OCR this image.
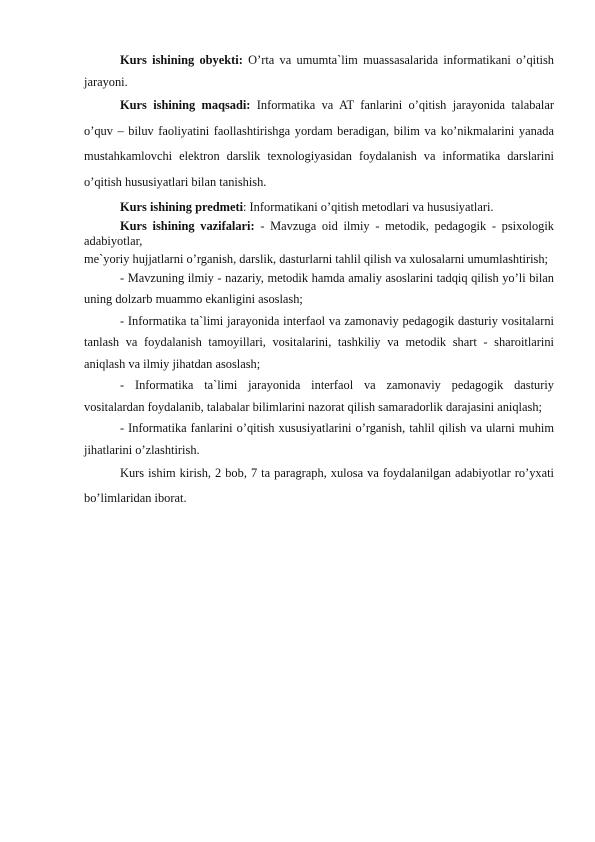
Kurs ishining obyekti: O’rta va umumta`lim muassasalarida informatikani o’qitish jarayoni.

Kurs ishining maqsadi: Informatika va AT fanlarini o’qitish jarayonida talabalar o’quv – biluv faoliyatini faollashtirishga yordam beradigan, bilim va ko’nikmalarini yanada mustahkamlovchi elektron darslik texnologiyasidan foydalanish va informatika darslarini o’qitish hususiyatlari bilan tanishish.

Kurs ishining predmeti: Informatikani o’qitish metodlari va hususiyatlari.

Kurs ishining vazifalari: - Mavzuga oid ilmiy - metodik, pedagogik - psixologik adabiyotlar,

me`yoriy hujjatlarni o’rganish, darslik, dasturlarni tahlil qilish va xulosalarni umumlashtirish;

- Mavzuning ilmiy - nazariy, metodik hamda amaliy asoslarini tadqiq qilish yo’li bilan uning dolzarb muammo ekanligini asoslash;

- Informatika ta`limi jarayonida interfaol va zamonaviy pedagogik dasturiy vositalarni tanlash va foydalanish tamoyillari, vositalarini, tashkiliy va metodik shart - sharoitlarini aniqlash va ilmiy jihatdan asoslash;

- Informatika ta`limi jarayonida interfaol va zamonaviy pedagogik dasturiy vositalardan foydalanib, talabalar bilimlarini nazorat qilish samaradorlik darajasini aniqlash;

- Informatika fanlarini o’qitish xususiyatlarini o’rganish, tahlil qilish va ularni muhim jihatlarini o’zlashtirish.

Kurs ishim kirish, 2 bob, 7 ta paragraph, xulosa va foydalanilgan adabiyotlar ro’yxati bo’limlaridan iborat.
